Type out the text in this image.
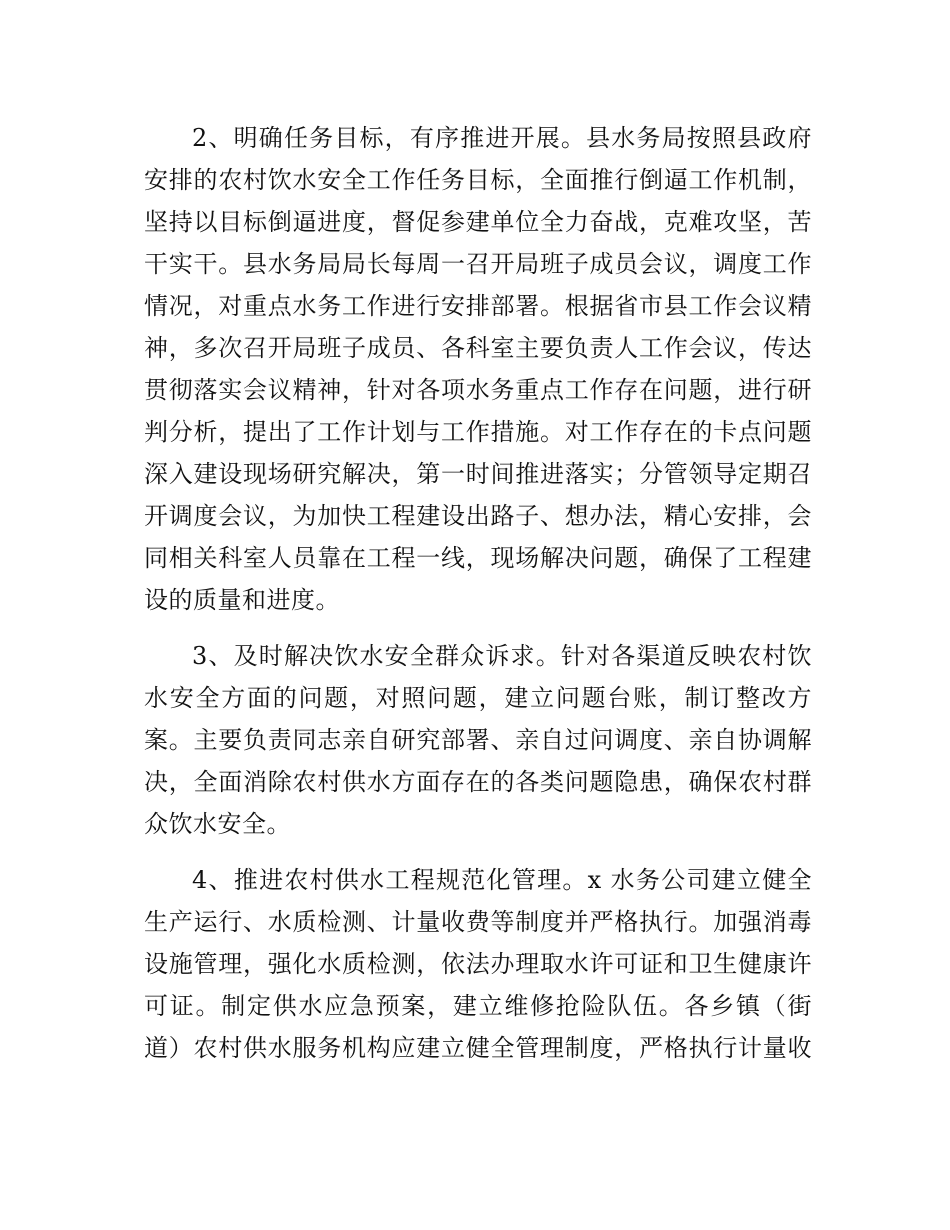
2、明确任务目标，有序推进开展。县水务局按照县政府
安排的农村饮水安全工作任务目标，全面推行倒逼工作机制，
坚持以目标倒逼进度，督促参建单位全力奋战，克难攻坚，苦
干实干。县水务局局长每周一召开局班子成员会议，调度工作
情况，对重点水务工作进行安排部署。根据省市县工作会议精
神，多次召开局班子成员、各科室主要负责人工作会议，传达
贯彻落实会议精神，针对各项水务重点工作存在问题，进行研
判分析，提出了工作计划与工作措施。对工作存在的卡点问题
深入建设现场研究解决，第一时间推进落实；分管领导定期召
开调度会议，为加快工程建设出路子、想办法，精心安排，会
同相关科室人员靠在工程一线，现场解决问题，确保了工程建
设的质量和进度。
3、及时解决饮水安全群众诉求。针对各渠道反映农村饮
水安全方面的问题，对照问题，建立问题台账，制订整改方
案。主要负责同志亲自研究部署、亲自过问调度、亲自协调解
决，全面消除农村供水方面存在的各类问题隐患，确保农村群
众饮水安全。
4、推进农村供水工程规范化管理。x 水务公司建立健全
生产运行、水质检测、计量收费等制度并严格执行。加强消毒
设施管理，强化水质检测，依法办理取水许可证和卫生健康许
可证。制定供水应急预案，建立维修抢险队伍。各乡镇（街
道）农村供水服务机构应建立健全管理制度，严格执行计量收
